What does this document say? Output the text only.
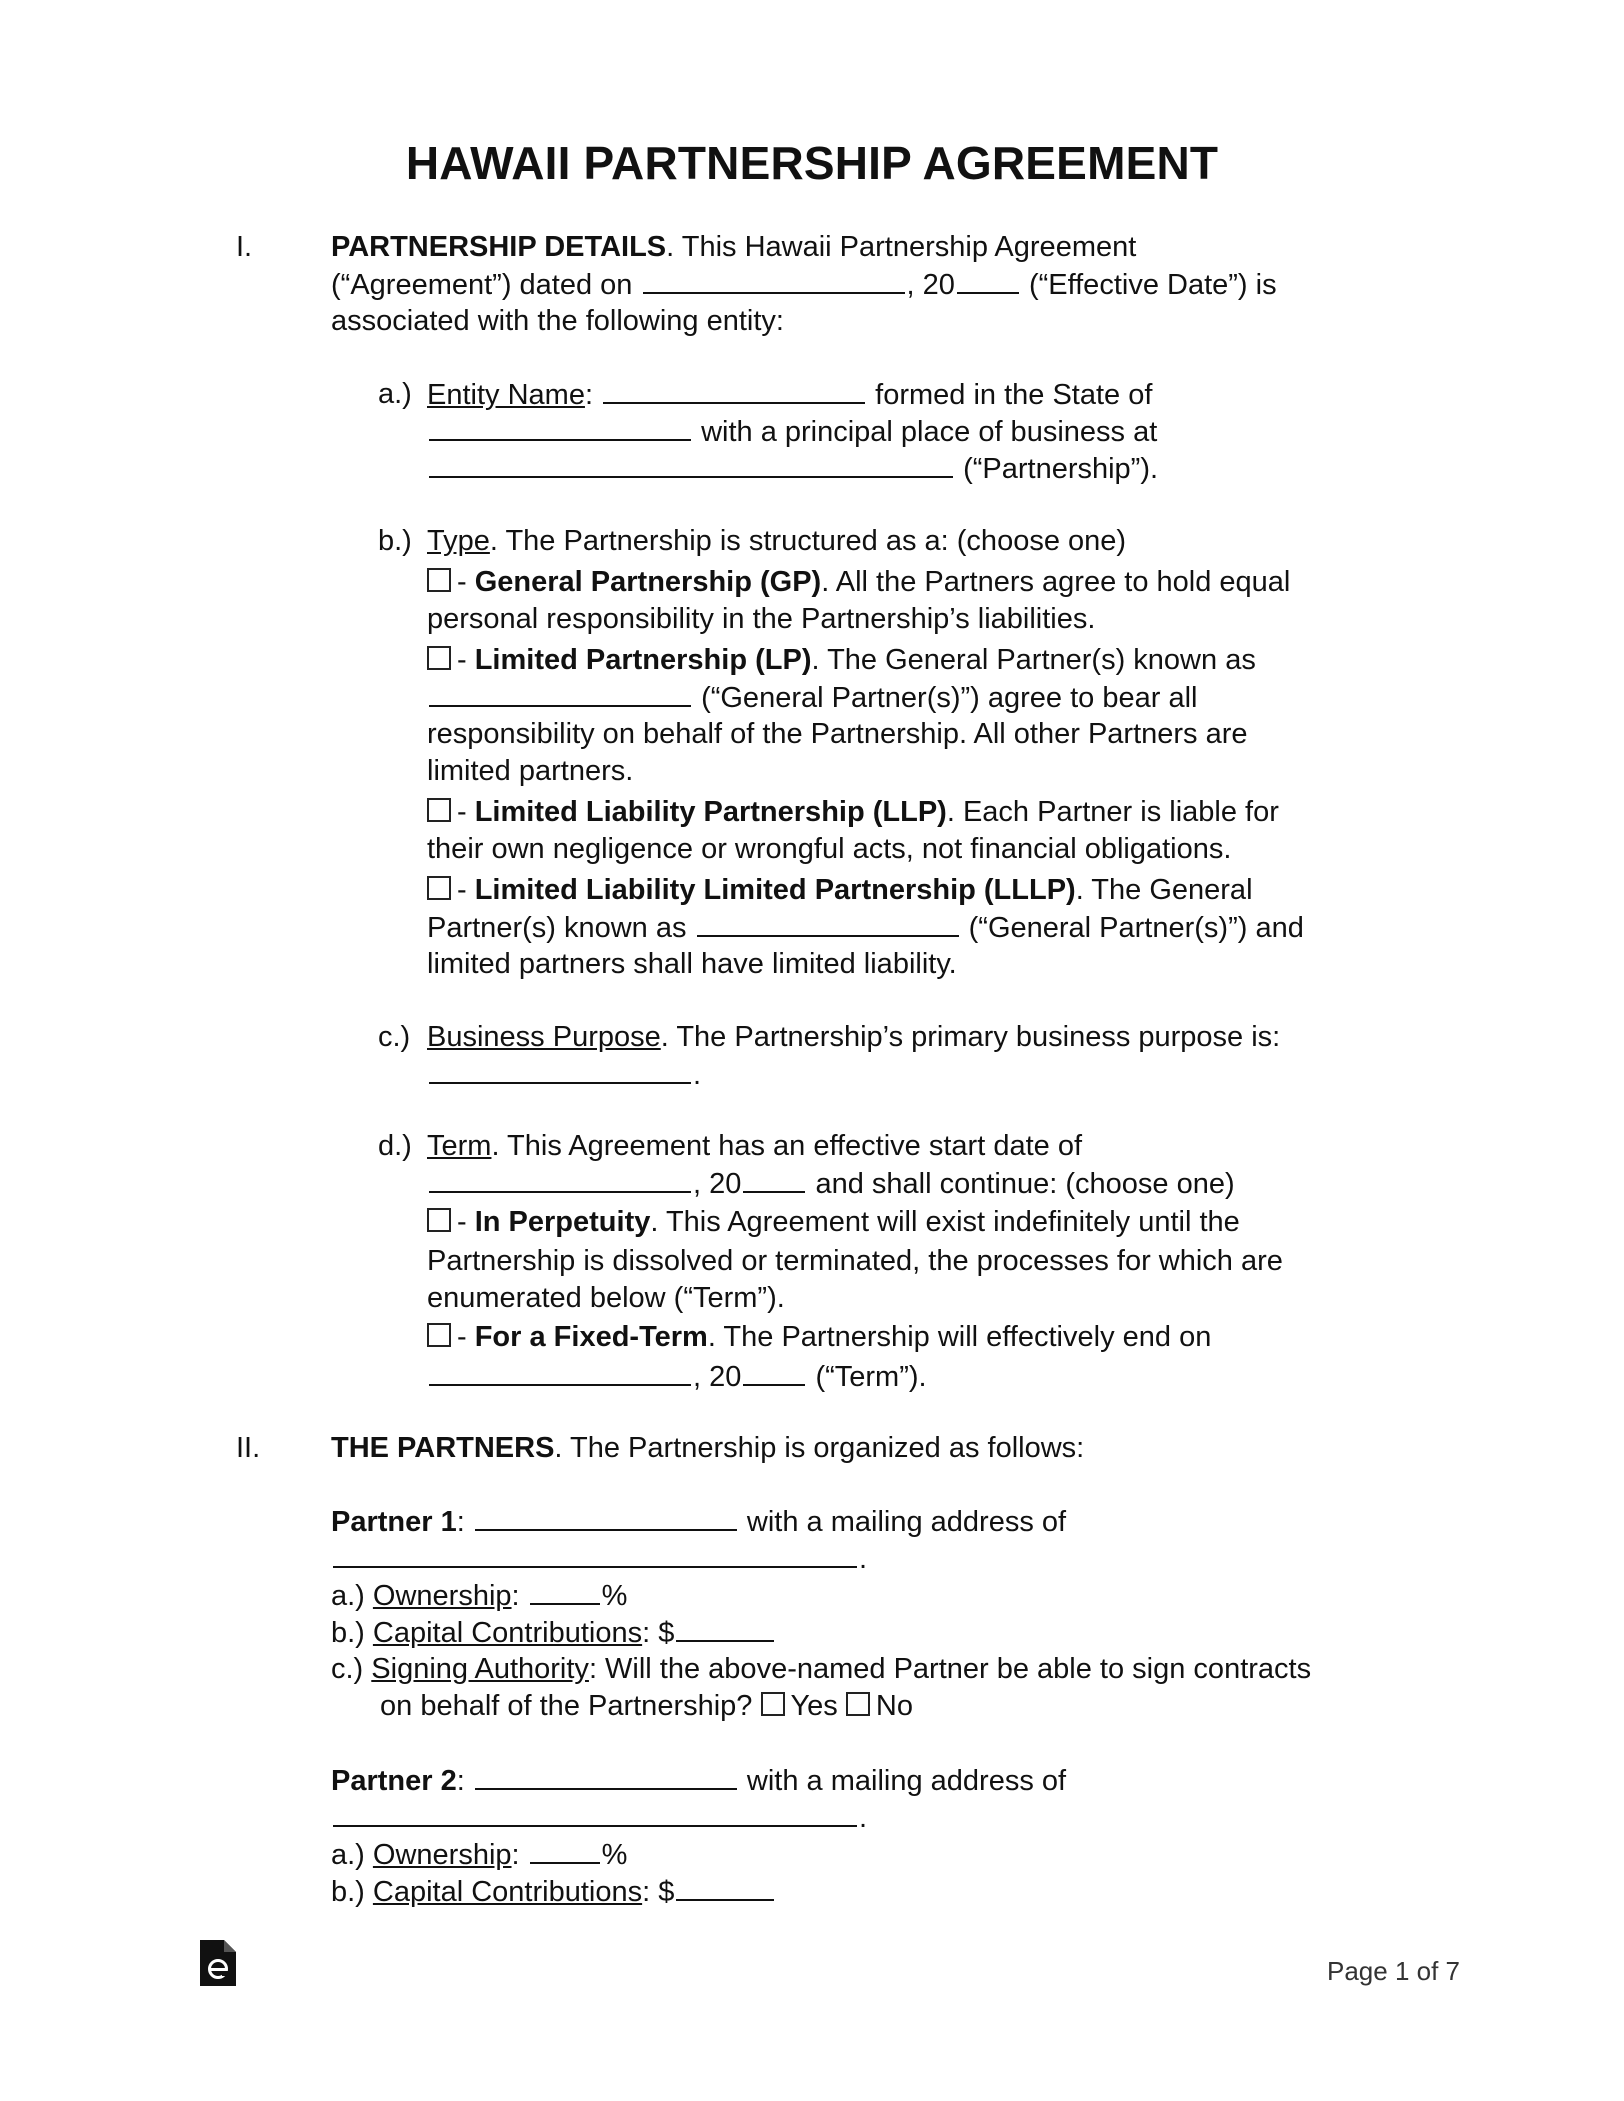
HAWAII PARTNERSHIP AGREEMENT
I.	PARTNERSHIP DETAILS. This Hawaii Partnership Agreement
(“Agreement”) dated on	, 20	(“Effective Date”) is
associated with the following entity:
a.) Entity Name:	formed in the State of
with a principal place of business at
(“Partnership”).
b.) Type. The Partnership is structured as a: (choose one)
- General Partnership (GP). All the Partners agree to hold equal
personal responsibility in the Partnership’s liabilities.
- Limited Partnership (LP). The General Partner(s) known as
(“General Partner(s)”) agree to bear all
responsibility on behalf of the Partnership. All other Partners are
limited partners.
- Limited Liability Partnership (LLP). Each Partner is liable for
their own negligence or wrongful acts, not financial obligations.
- Limited Liability Limited Partnership (LLLP). The General
Partner(s) known as	(“General Partner(s)”) and
limited partners shall have limited liability.
c.) Business Purpose. The Partnership’s primary business purpose is:
.
d.) Term. This Agreement has an effective start date of
, 20	and shall continue: (choose one)
- In Perpetuity. This Agreement will exist indefinitely until the
Partnership is dissolved or terminated, the processes for which are
enumerated below (“Term”).
- For a Fixed-Term. The Partnership will effectively end on
, 20	(“Term”).
II. THE PARTNERS. The Partnership is organized as follows:
Partner 1:	with a mailing address of
.
a.) Ownership:	%
b.) Capital Contributions: $
c.) Signing Authority: Will the above-named Partner be able to sign contracts
on behalf of the Partnership? Yes No
Partner 2:	with a mailing address of
.
a.) Ownership:	%
b.) Capital Contributions: $
Page 1 of 7
